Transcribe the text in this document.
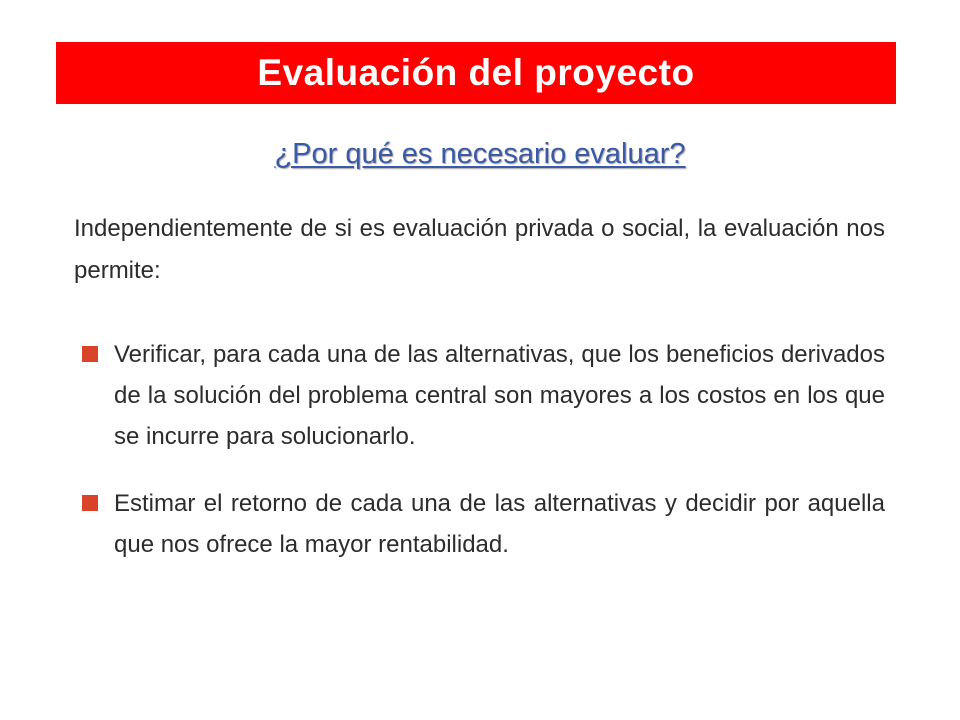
Evaluación del proyecto
¿Por qué es necesario evaluar?
Independientemente de si es evaluación privada o social, la evaluación nos permite:
Verificar, para cada una de las alternativas, que los beneficios derivados de la solución del problema central son mayores a los costos en los que se incurre para solucionarlo.
Estimar el retorno de cada una de las alternativas y decidir por aquella que nos ofrece la mayor rentabilidad.
